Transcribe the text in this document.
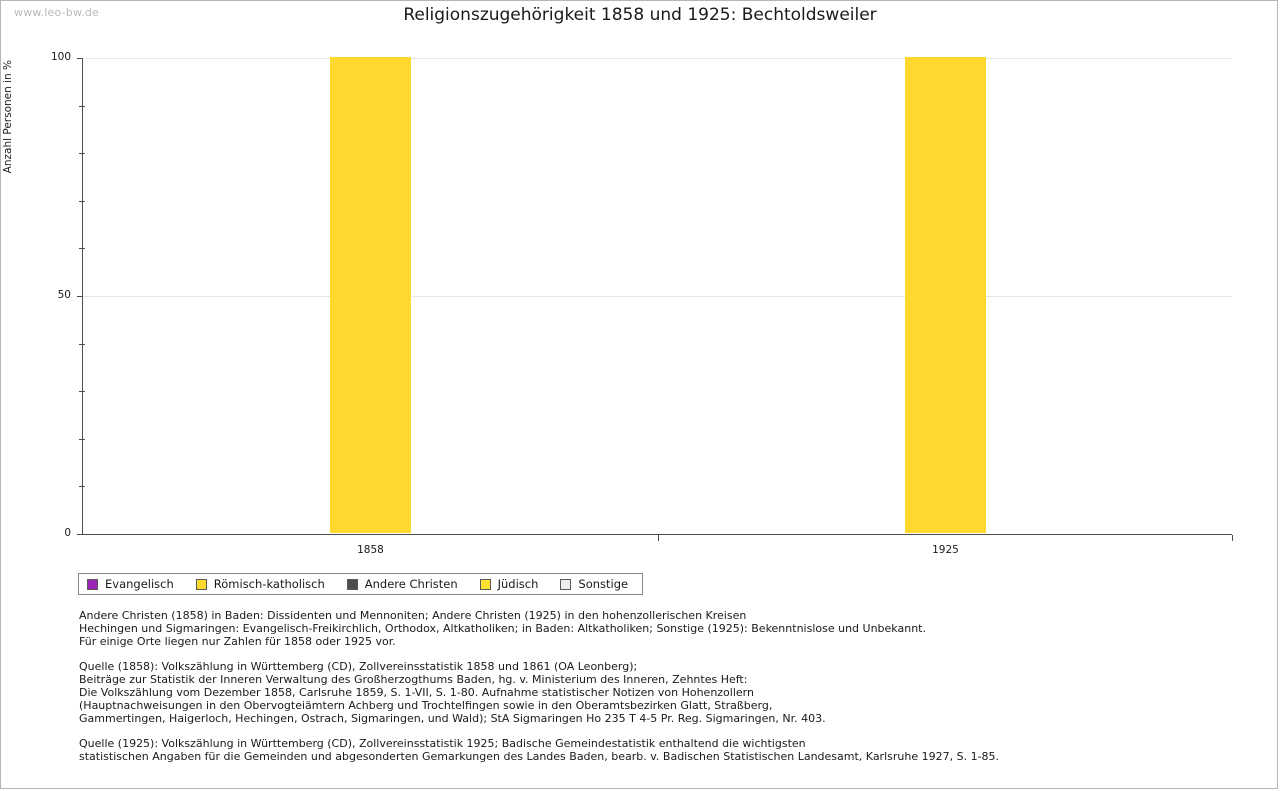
www.leo-bw.de	Religionszugehörigkeit 1858 und 1925: Bechtoldsweiler
Anzahl Personen in %
0
50
100
1858	1925
Evangelisch	Römisch-katholisch	Andere Christen	Jüdisch	Sonstige
Andere Christen (1858) in Baden: Dissidenten und Mennoniten; Andere Christen (1925) in den hohenzollerischen Kreisen
Hechingen und Sigmaringen: Evangelisch-Freikirchlich, Orthodox, Altkatholiken; in Baden: Altkatholiken; Sonstige (1925): Bekenntnislose und Unbekannt.
Für einige Orte liegen nur Zahlen für 1858 oder 1925 vor.
Quelle (1858): Volkszählung in Württemberg (CD), Zollvereinsstatistik 1858 und 1861 (OA Leonberg);
Beiträge zur Statistik der Inneren Verwaltung des Großherzogthums Baden, hg. v. Ministerium des Inneren, Zehntes Heft:
Die Volkszählung vom Dezember 1858, Carlsruhe 1859, S. 1-VII, S. 1-80. Aufnahme statistischer Notizen von Hohenzollern
(Hauptnachweisungen in den Obervogteiämtern Achberg und Trochtelfingen sowie in den Oberamtsbezirken Glatt, Straßberg,
Gammertingen, Haigerloch, Hechingen, Ostrach, Sigmaringen, und Wald); StA Sigmaringen Ho 235 T 4-5 Pr. Reg. Sigmaringen, Nr. 403.
Quelle (1925): Volkszählung in Württemberg (CD), Zollvereinsstatistik 1925; Badische Gemeindestatistik enthaltend die wichtigsten
statistischen Angaben für die Gemeinden und abgesonderten Gemarkungen des Landes Baden, bearb. v. Badischen Statistischen Landesamt, Karlsruhe 1927, S. 1-85.
